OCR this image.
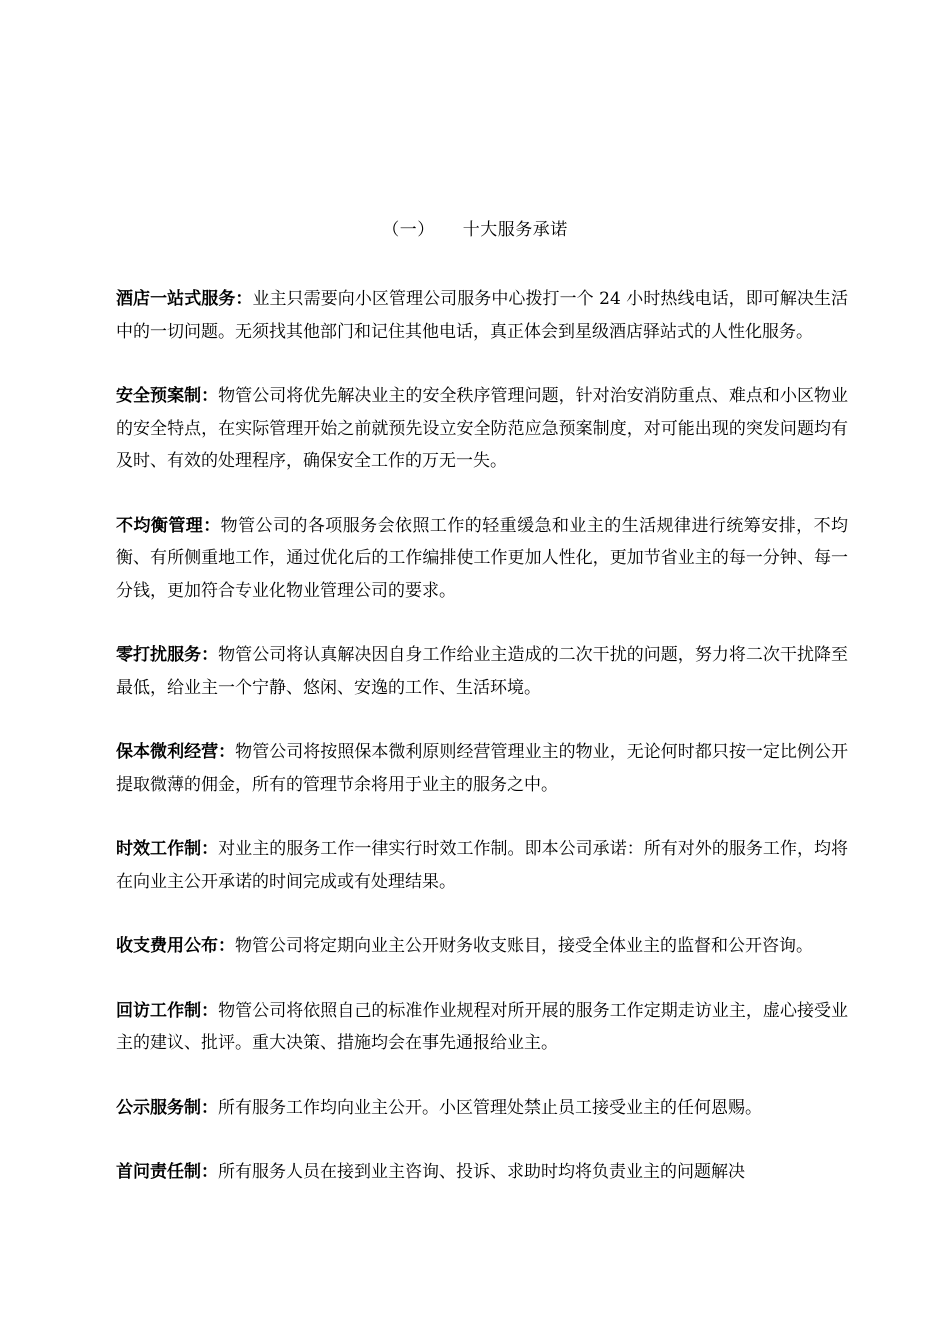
（一） 十大服务承诺

酒店一站式服务：业主只需要向小区管理公司服务中心拨打一个 24 小时热线电话，即可解决生活中的一切问题。无须找其他部门和记住其他电话，真正体会到星级酒店驿站式的人性化服务。

安全预案制：物管公司将优先解决业主的安全秩序管理问题，针对治安消防重点、难点和小区物业的安全特点，在实际管理开始之前就预先设立安全防范应急预案制度，对可能出现的突发问题均有及时、有效的处理程序，确保安全工作的万无一失。

不均衡管理：物管公司的各项服务会依照工作的轻重缓急和业主的生活规律进行统筹安排，不均衡、有所侧重地工作，通过优化后的工作编排使工作更加人性化，更加节省业主的每一分钟、每一分钱，更加符合专业化物业管理公司的要求。

零打扰服务：物管公司将认真解决因自身工作给业主造成的二次干扰的问题，努力将二次干扰降至最低，给业主一个宁静、悠闲、安逸的工作、生活环境。

保本微利经营：物管公司将按照保本微利原则经营管理业主的物业，无论何时都只按一定比例公开提取微薄的佣金，所有的管理节余将用于业主的服务之中。

时效工作制：对业主的服务工作一律实行时效工作制。即本公司承诺：所有对外的服务工作，均将在向业主公开承诺的时间完成或有处理结果。

收支费用公布：物管公司将定期向业主公开财务收支账目，接受全体业主的监督和公开咨询。

回访工作制：物管公司将依照自己的标准作业规程对所开展的服务工作定期走访业主，虚心接受业主的建议、批评。重大决策、措施均会在事先通报给业主。

公示服务制：所有服务工作均向业主公开。小区管理处禁止员工接受业主的任何恩赐。

首问责任制：所有服务人员在接到业主咨询、投诉、求助时均将负责业主的问题解决
